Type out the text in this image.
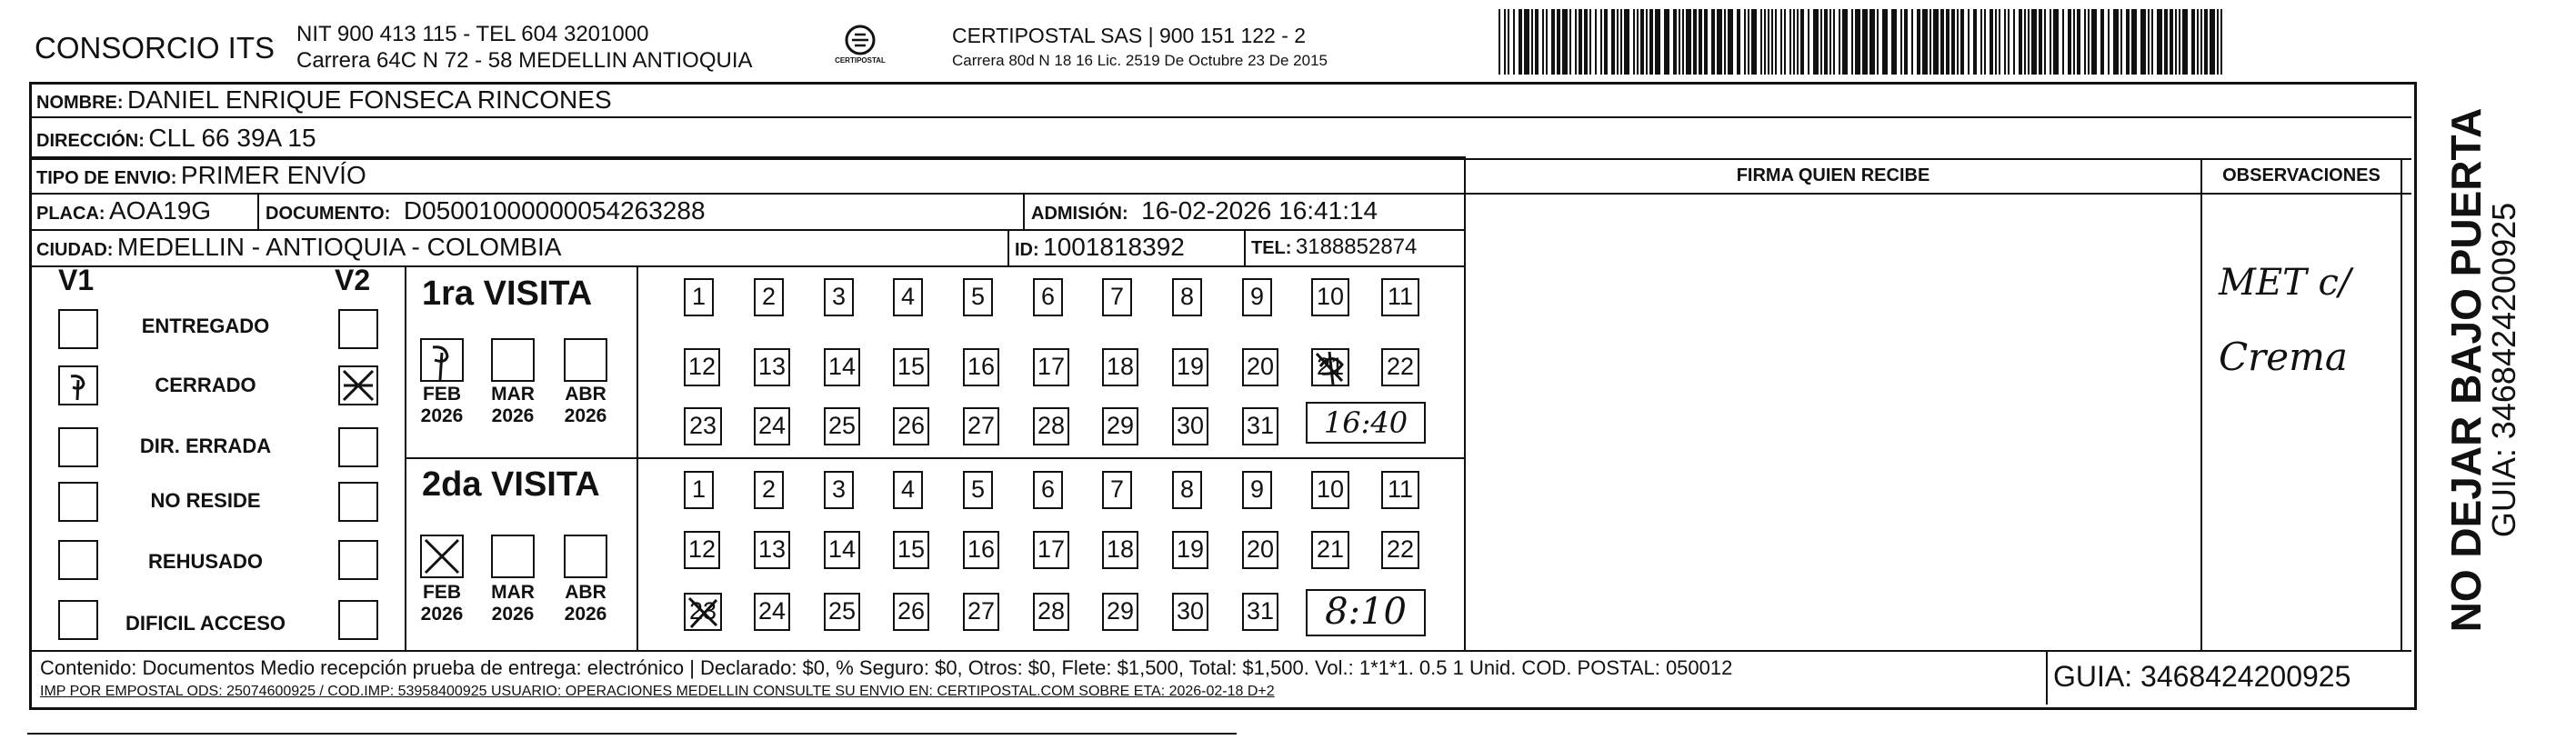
CONSORCIO ITS NIT 900 413 115 - TEL 604 3201000
Carrera 64C N 72 - 58 MEDELLIN ANTIOQUIA	CERTIPOSTAL
CERTIPOSTAL SAS | 900 151 122 - 2
Carrera 80d N 18 16 Lic. 2519 De Octubre 23 De 2015
NOMBRE: DANIEL ENRIQUE FONSECA RINCONES
DIRECCIÓN: CLL 66 39A 15
TIPO DE ENVIO: PRIMER ENVÍO	FIRMA QUIEN RECIBE	OBSERVACIONES
PLACA: AOA19G	DOCUMENTO: D05001000000054263288	ADMISIÓN: 16-02-2026 16:41:14
CIUDAD: MEDELLIN - ANTIOQUIA - COLOMBIA	ID: 1001818392	TEL: 3188852874
V1	V2
ENTREGADO
CERRADO
DIR. ERRADA
NO RESIDE
REHUSADO
DIFICIL ACCESO
1ra VISITA
FEB
2026
MAR
2026
ABR
2026
1	2	3	4	5	6	7	8	9	10 11
12 13 14 15 16 17 18 19 20 21 22
23 24 25 26 27 28 29 30 31	16:40
2da VISITA
FEB
2026
MAR
2026
ABR
2026
1	2	3	4	5	6	7	8	9	10 11
12 13 14 15 16 17 18 19 20 21 22
23 24 25 26 27 28 29 30 31	8:10
MET c/
Crema
Contenido: Documentos Medio recepción prueba de entrega: electrónico | Declarado: $0, % Seguro: $0, Otros: $0, Flete: $1,500, Total: $1,500. Vol.: 1*1*1. 0.5 1 Unid. COD. POSTAL: 050012
IMP POR EMPOSTAL ODS: 25074600925 / COD.IMP: 53958400925 USUARIO: OPERACIONES MEDELLIN CONSULTE SU ENVIO EN: CERTIPOSTAL.COM SOBRE ETA: 2026-02-18 D+2	GUIA: 3468424200925
NO DEJAR BAJO PUERTA
GUIA: 3468424200925
